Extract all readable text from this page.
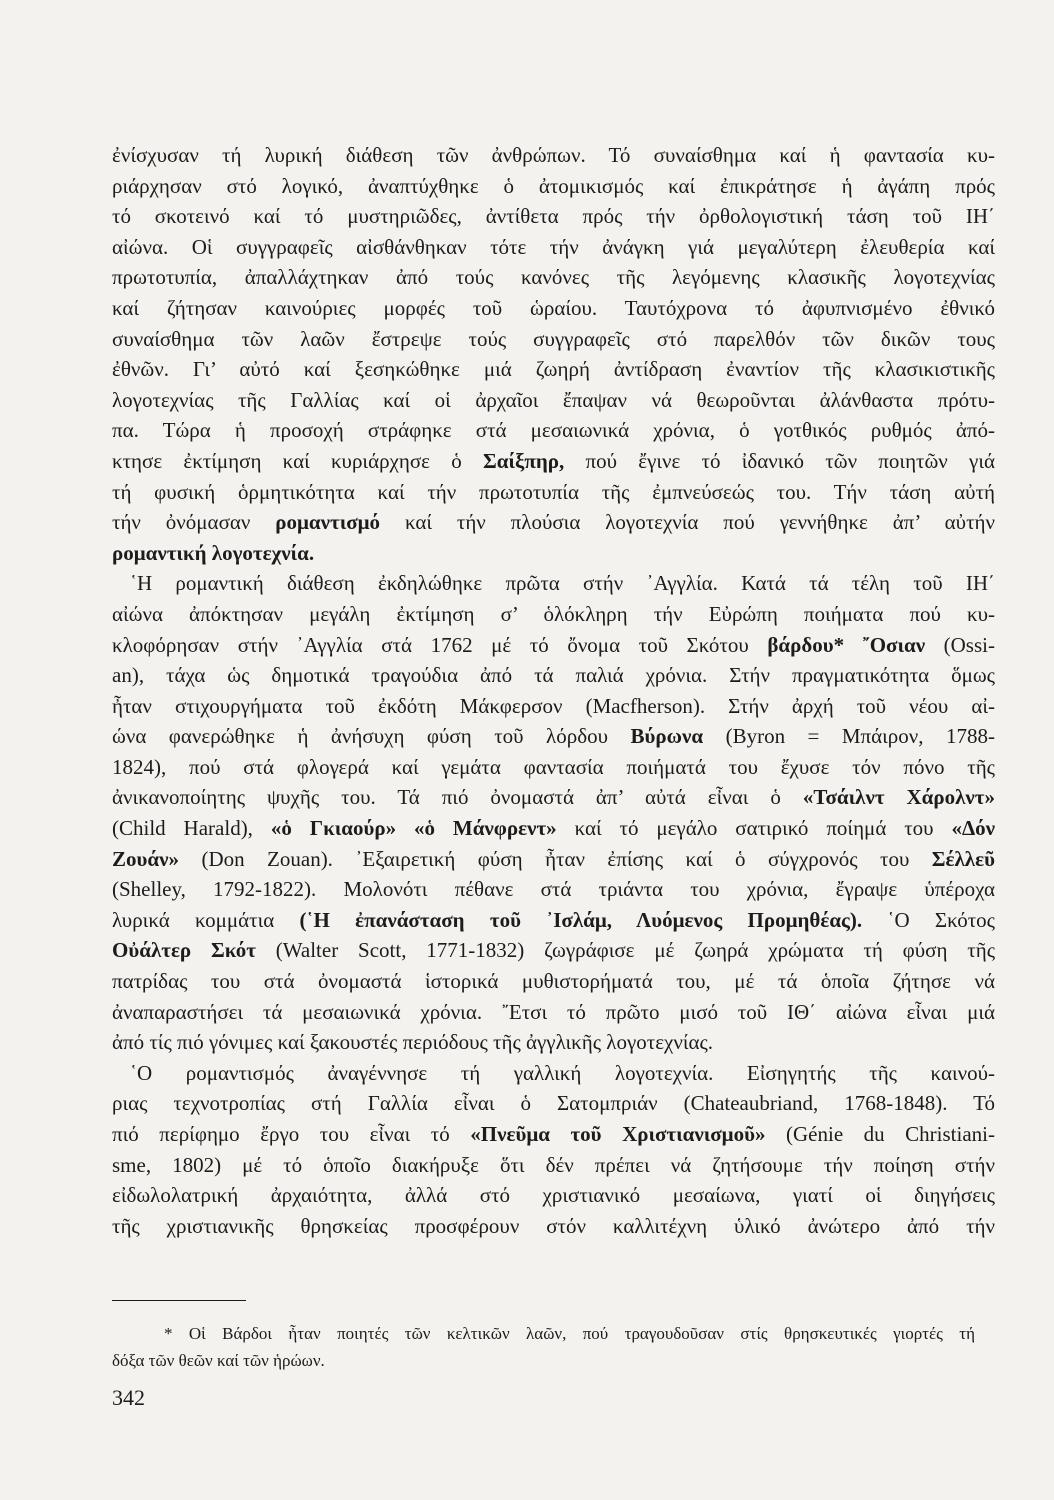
ἐνίσχυσαν τή λυρική διάθεση τῶν ἀνθρώπων. Τό συναίσθημα καί ἡ φαντασία κυ-
ριάρχησαν στό λογικό, ἀναπτύχθηκε ὁ ἀτομικισμός καί ἐπικράτησε ἡ ἀγάπη πρός
τό σκοτεινό καί τό μυστηριῶδες, ἀντίθετα πρός τήν ὀρθολογιστική τάση τοῦ ΙΗ΄
αἰώνα. Οἱ συγγραφεῖς αἰσθάνθηκαν τότε τήν ἀνάγκη γιά μεγαλύτερη ἐλευθερία καί
πρωτοτυπία, ἀπαλλάχτηκαν ἀπό τούς κανόνες τῆς λεγόμενης κλασικῆς λογοτεχνίας
καί ζήτησαν καινούριες μορφές τοῦ ὡραίου. Ταυτόχρονα τό ἀφυπνισμένο ἐθνικό
συναίσθημα τῶν λαῶν ἔστρεψε τούς συγγραφεῖς στό παρελθόν τῶν δικῶν τους
ἐθνῶν. Γι’ αὐτό καί ξεσηκώθηκε μιά ζωηρή ἀντίδραση ἐναντίον τῆς κλασικιστικῆς
λογοτεχνίας τῆς Γαλλίας καί οἱ ἀρχαῖοι ἔπαψαν νά θεωροῦνται ἀλάνθαστα πρότυ-
πα. Τώρα ἡ προσοχή στράφηκε στά μεσαιωνικά χρόνια, ὁ γοτθικός ρυθμός ἀπό-
κτησε ἐκτίμηση καί κυριάρχησε ὁ Σαίξπηρ, πού ἔγινε τό ἰδανικό τῶν ποιητῶν γιά
τή φυσική ὁρμητικότητα καί τήν πρωτοτυπία τῆς ἐμπνεύσεώς του. Τήν τάση αὐτή
τήν ὀνόμασαν ρομαντισμό καί τήν πλούσια λογοτεχνία πού γεννήθηκε ἀπ’ αὐτήν
ρομαντική λογοτεχνία.
῾Η ρομαντική διάθεση ἐκδηλώθηκε πρῶτα στήν ᾿Αγγλία. Κατά τά τέλη τοῦ ΙΗ΄
αἰώνα ἀπόκτησαν μεγάλη ἐκτίμηση σ’ ὁλόκληρη τήν Εὐρώπη ποιήματα πού κυ-
κλοφόρησαν στήν ᾿Αγγλία στά 1762 μέ τό ὄνομα τοῦ Σκότου βάρδου* ῎Οσιαν (Ossi-
an), τάχα ὡς δημοτικά τραγούδια ἀπό τά παλιά χρόνια. Στήν πραγματικότητα ὅμως
ἦταν στιχουργήματα τοῦ ἐκδότη Μάκφερσον (Macfherson). Στήν ἀρχή τοῦ νέου αἰ-
ώνα φανερώθηκε ἡ ἀνήσυχη φύση τοῦ λόρδου Βύρωνα (Byron = Μπάιρον, 1788-
1824), πού στά φλογερά καί γεμάτα φαντασία ποιήματά του ἔχυσε τόν πόνο τῆς
ἀνικανοποίητης ψυχῆς του. Τά πιό ὀνομαστά ἀπ’ αὐτά εἶναι ὁ «Τσάιλντ Χάρολντ»
(Child Harald), «ὁ Γκιαούρ» «ὁ Μάνφρεντ» καί τό μεγάλο σατιρικό ποίημά του «Δόν
Ζουάν» (Don Zouan). ᾿Εξαιρετική φύση ἦταν ἐπίσης καί ὁ σύγχρονός του Σέλλεῦ
(Shelley, 1792-1822). Μολονότι πέθανε στά τριάντα του χρόνια, ἔγραψε ὑπέροχα
λυρικά κομμάτια (῾Η ἐπανάσταση τοῦ ᾿Ισλάμ, Λυόμενος Προμηθέας). ῾Ο Σκότος
Οὐάλτερ Σκότ (Walter Scott, 1771-1832) ζωγράφισε μέ ζωηρά χρώματα τή φύση τῆς
πατρίδας του στά ὀνομαστά ἱστορικά μυθιστορήματά του, μέ τά ὁποῖα ζήτησε νά
ἀναπαραστήσει τά μεσαιωνικά χρόνια. ῎Ετσι τό πρῶτο μισό τοῦ ΙΘ΄ αἰώνα εἶναι μιά
ἀπό τίς πιό γόνιμες καί ξακουστές περιόδους τῆς ἀγγλικῆς λογοτεχνίας.
῾Ο ρομαντισμός ἀναγέννησε τή γαλλική λογοτεχνία. Εἰσηγητής τῆς καινού-
ριας τεχνοτροπίας στή Γαλλία εἶναι ὁ Σατομπριάν (Chateaubriand, 1768-1848). Τό
πιό περίφημο ἔργο του εἶναι τό «Πνεῦμα τοῦ Χριστιανισμοῦ» (Génie du Christiani-
sme, 1802) μέ τό ὁποῖο διακήρυξε ὅτι δέν πρέπει νά ζητήσουμε τήν ποίηση στήν
εἰδωλολατρική ἀρχαιότητα, ἀλλά στό χριστιανικό μεσαίωνα, γιατί οἱ διηγήσεις
τῆς χριστιανικῆς θρησκείας προσφέρουν στόν καλλιτέχνη ὑλικό ἀνώτερο ἀπό τήν
* Οἱ Βάρδοι ἦταν ποιητές τῶν κελτικῶν λαῶν, πού τραγουδοῦσαν στίς θρησκευτικές γιορτές τή
δόξα τῶν θεῶν καί τῶν ἡρώων.
342
